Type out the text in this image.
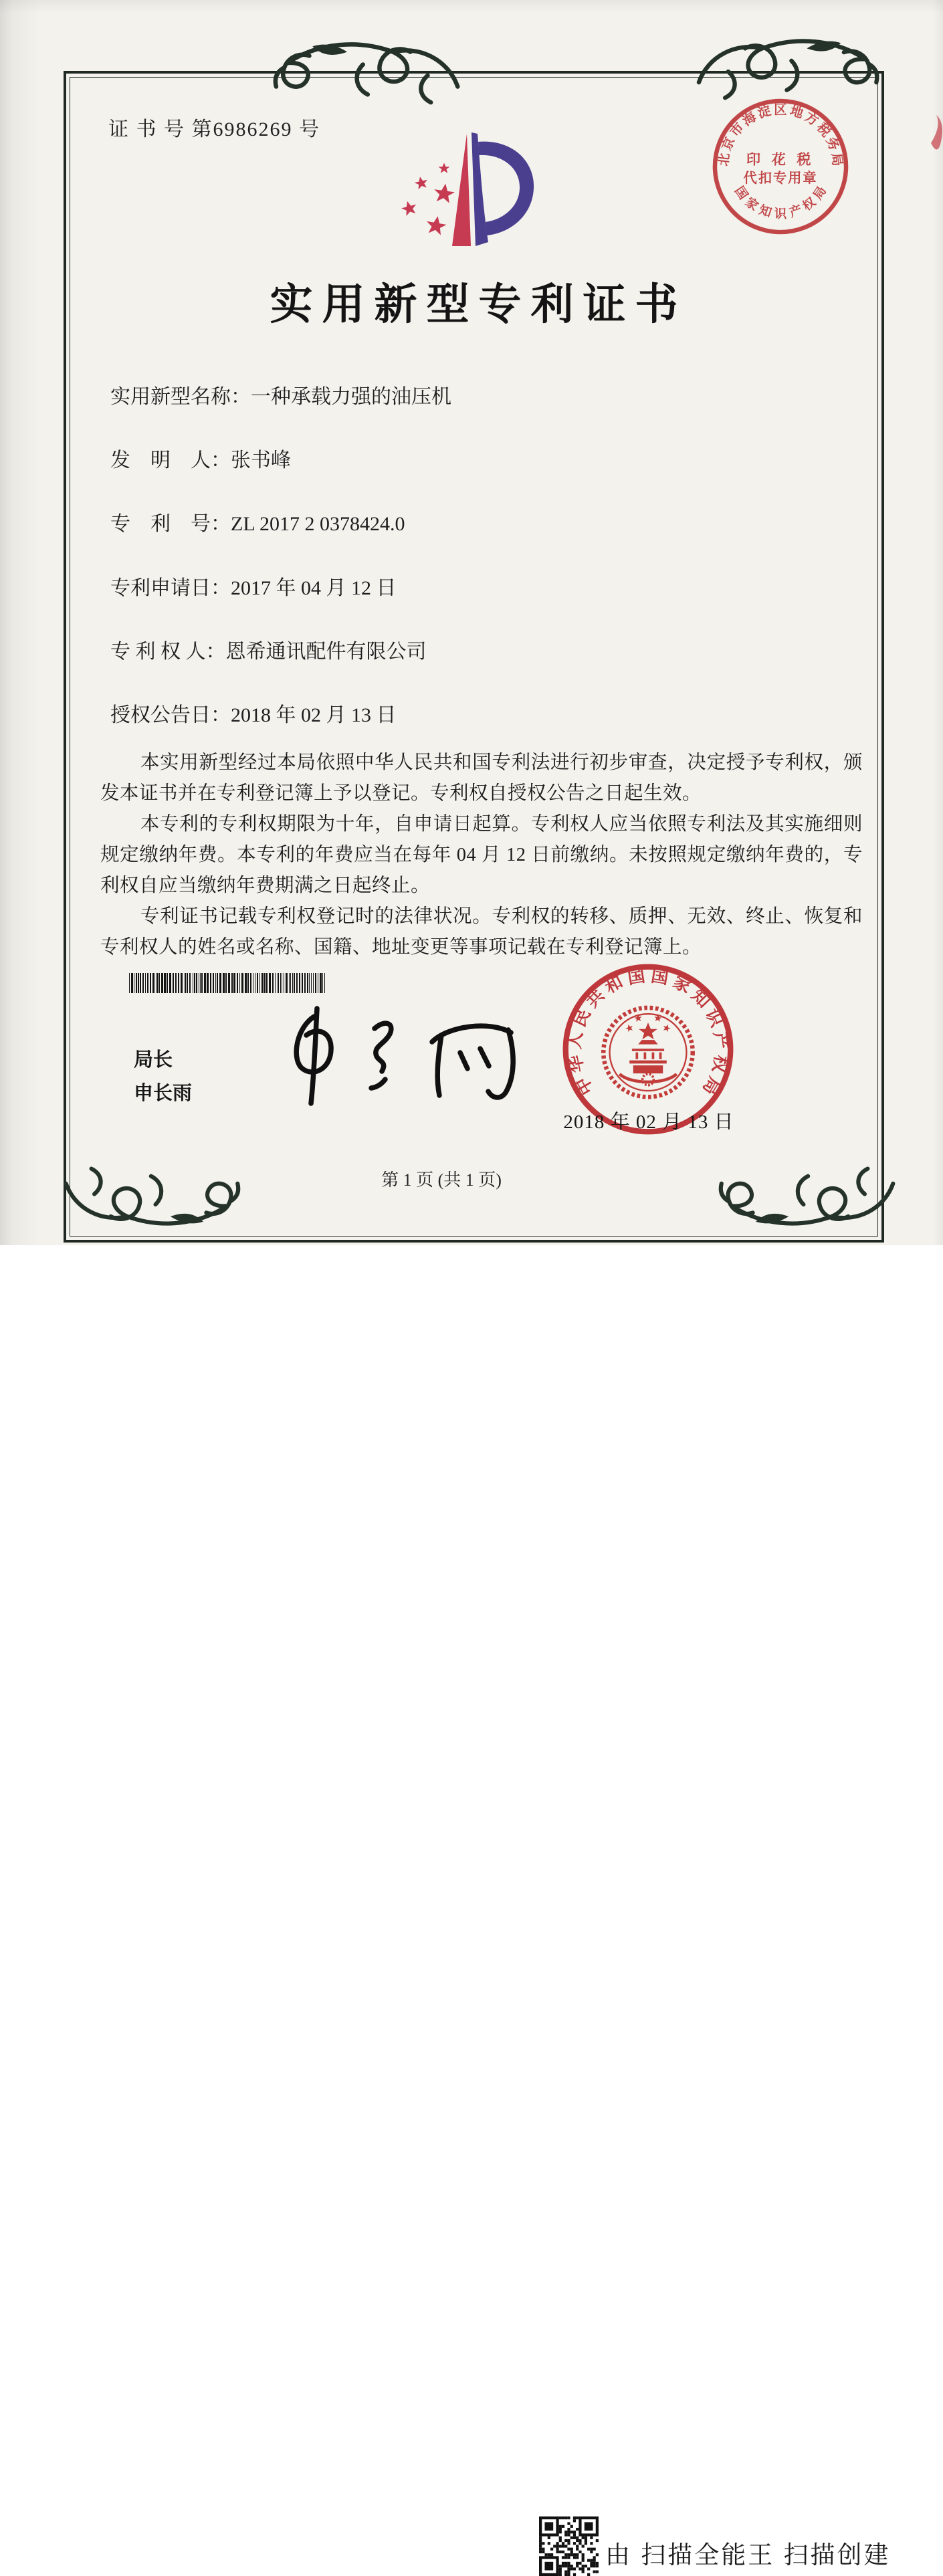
证 书 号 第6986269 号
北
京
市
海
淀 区 地
方
税
务
局
国
家
知 识 产
权
局
印 花 税
代扣专用章
实用新型专利证书
实用新型名称：一种承载力强的油压机
发　明　人：张书峰
专　利　号：ZL 2017 2 0378424.0
专利申请日：2017 年 04 月 12 日
专 利 权 人：恩希通讯配件有限公司
授权公告日：2018 年 02 月 13 日

本实用新型经过本局依照中华人民共和国专利法进行初步审查，决定授予专利权，颁发本证书并在专利登记簿上予以登记。专利权自授权公告之日起生效。

本专利的专利权期限为十年，自申请日起算。专利权人应当依照专利法及其实施细则规定缴纳年费。本专利的年费应当在每年 04 月 12 日前缴纳。未按照规定缴纳年费的，专利权自应当缴纳年费期满之日起终止。

专利证书记载专利权登记时的法律状况。专利权的转移、质押、无效、终止、恢复和专利权人的姓名或名称、国籍、地址变更等事项记载在专利登记簿上。

局长
申长雨	中
华
人
民
共
和 国 国 家
知
识
产
权
局
2018 年 02 月 13 日
第 1 页 (共 1 页)
由 扫描全能王 扫描创建
